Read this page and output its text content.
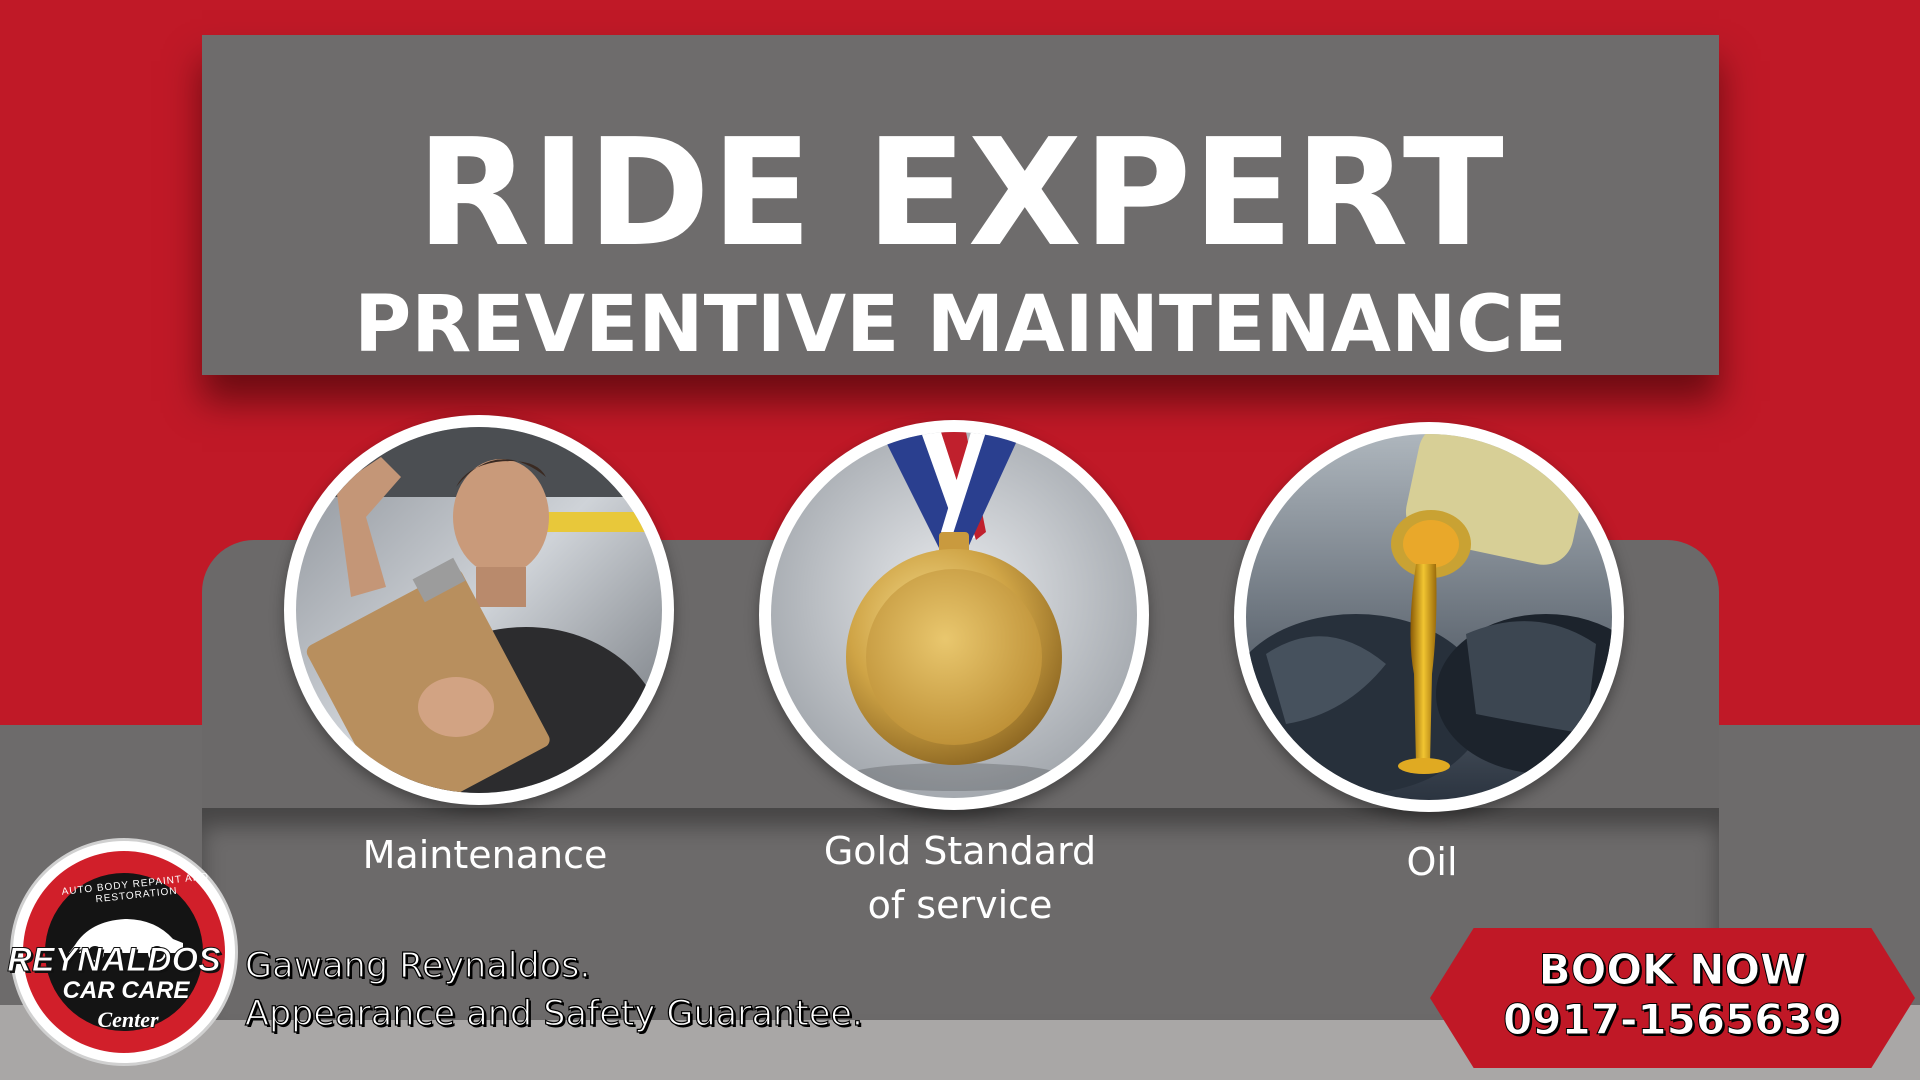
RIDE EXPERT
PREVENTIVE MAINTENANCE
Maintenance	Gold Standard
of service
Oil
AUTO BODY REPAINT AND RESTORATION
REYNALDOS
CAR CARE
Center
Gawang Reynaldos.
Appearance and Safety Guarantee.
BOOK NOW
0917-1565639
